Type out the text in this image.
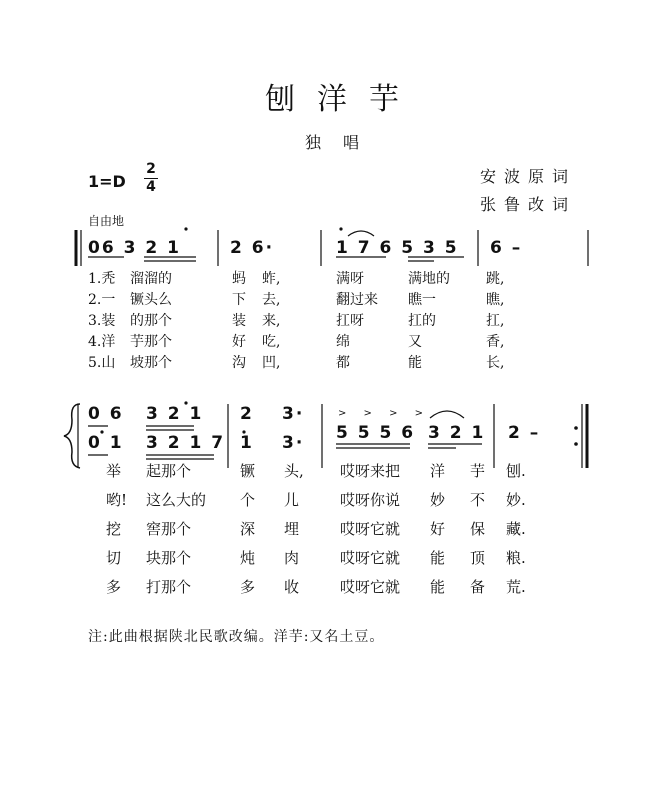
刨洋芋
独唱
安波原词
张鲁改词
1=D
2
4
自由地
06 3 2 1	2 6·	1 7 6 5 3 5 6 –
1.秃 溜溜的	蚂 蚱,	满呀	满地的	跳,
2.一 镢头么	下 去,	翻过来 瞧一	瞧,
3.装 的那个	装 来,	扛呀	扛的	扛,
4.洋 芋那个	好 吃,	绵	又	香,
5.山 坡那个	沟 凹,	都	能	长,
0 6 3 2 1 2 3·
0 1 3 2 1 7 1 3·
> > > >
5 5 5 6 3 2 1 2 –
举 起那个	镢 头, 哎呀来把 洋 芋 刨.
哟! 这么大的 个 儿	哎呀你说 妙 不 妙.
挖 窖那个	深 埋	哎呀它就 好 保 藏.
切 块那个	炖 肉	哎呀它就 能 顶 粮.
多 打那个	多 收	哎呀它就 能 备 荒.
注:此曲根据陕北民歌改编。洋芋:又名土豆。
